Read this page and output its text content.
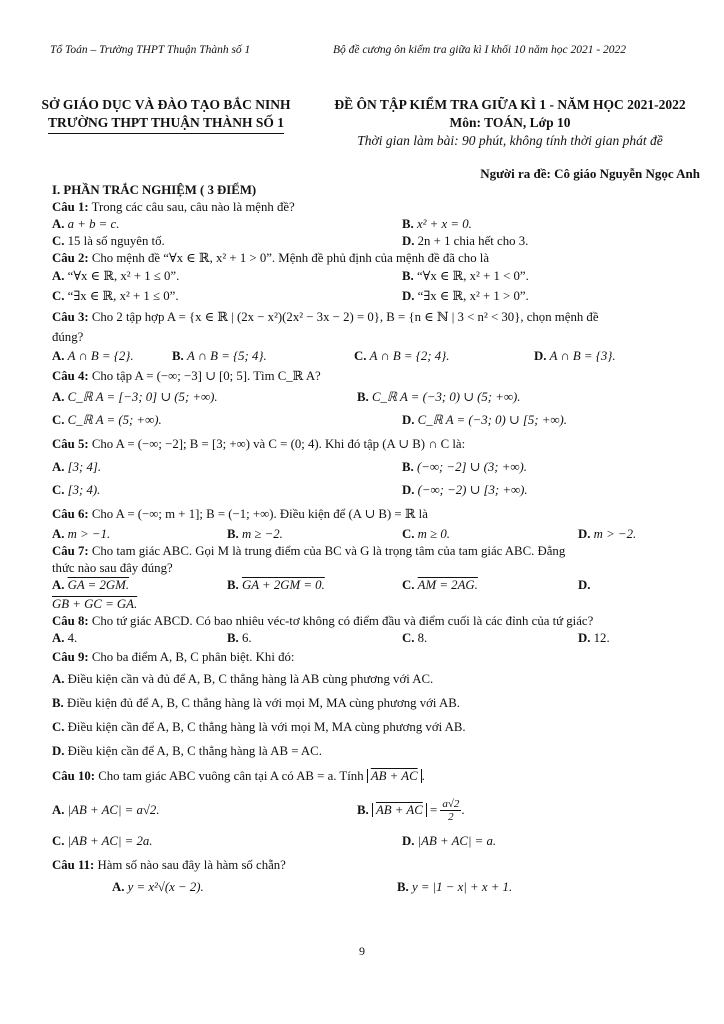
Tổ Toán – Trường THPT Thuận Thành số 1	Bộ đề cương ôn kiểm tra giữa kì I khối 10 năm học 2021 - 2022
SỞ GIÁO DỤC VÀ ĐÀO TẠO BẮC NINH
TRƯỜNG THPT THUẬN THÀNH SỐ 1
ĐỀ ÔN TẬP KIỂM TRA GIỮA KÌ 1 - NĂM HỌC 2021-2022
Môn: TOÁN, Lớp 10
Thời gian làm bài: 90 phút, không tính thời gian phát đề
Người ra đề: Cô giáo Nguyễn Ngọc Anh
I. PHẦN TRẮC NGHIỆM ( 3 ĐIỂM)
Câu 1: Trong các câu sau, câu nào là mệnh đề?
A. a + b = c.	B. x² + x = 0.
C. 15 là số nguyên tố.	D. 2n + 1 chia hết cho 3.
Câu 2: Cho mệnh đề “∀x ∈ ℝ, x² + 1 > 0”. Mệnh đề phủ định của mệnh đề đã cho là
A. “∀x ∈ ℝ, x² + 1 ≤ 0”.	B. “∀x ∈ ℝ, x² + 1 < 0”.
C. “∃x ∈ ℝ, x² + 1 ≤ 0”.	D. “∃x ∈ ℝ, x² + 1 > 0”.
Câu 3: Cho 2 tập hợp A = {x ∈ ℝ | (2x − x²)(2x² − 3x − 2) = 0}, B = {n ∈ ℕ | 3 < n² < 30}, chọn mệnh đề
đúng?
A. A ∩ B = {2}.	B. A ∩ B = {5; 4}.	C. A ∩ B = {2; 4}.	D. A ∩ B = {3}.
Câu 4: Cho tập A = (−∞; −3] ∪ [0; 5]. Tìm C_ℝ A?
A. C_ℝ A = [−3; 0] ∪ (5; +∞).	B. C_ℝ A = (−3; 0) ∪ (5; +∞).
C. C_ℝ A = (5; +∞).	D. C_ℝ A = (−3; 0) ∪ [5; +∞).
Câu 5: Cho A = (−∞; −2]; B = [3; +∞) và C = (0; 4). Khi đó tập (A ∪ B) ∩ C là:
A. [3; 4].	B. (−∞; −2] ∪ (3; +∞).
C. [3; 4).	D. (−∞; −2) ∪ [3; +∞).
Câu 6: Cho A = (−∞; m + 1]; B = (−1; +∞). Điều kiện để (A ∪ B) = ℝ là
A. m > −1.	B. m ≥ −2.	C. m ≥ 0.	D. m > −2.
Câu 7: Cho tam giác ABC. Gọi M là trung điểm của BC và G là trọng tâm của tam giác ABC. Đẳng
thức nào sau đây đúng?
A. GA = 2GM.	B. GA + 2GM = 0.	C. AM = 2AG.	D.
GB + GC = GA.
Câu 8: Cho tứ giác ABCD. Có bao nhiêu véc-tơ không có điểm đầu và điểm cuối là các đỉnh của tứ giác?
A. 4.	B. 6.	C. 8.	D. 12.
Câu 9: Cho ba điểm A, B, C phân biệt. Khi đó:
A. Điều kiện cần và đủ để A, B, C thẳng hàng là AB cùng phương với AC.
B. Điều kiện đủ để A, B, C thẳng hàng là với mọi M, MA cùng phương với AB.
C. Điều kiện cần để A, B, C thẳng hàng là với mọi M, MA cùng phương với AB.
D. Điều kiện cần để A, B, C thẳng hàng là AB = AC.
Câu 10: Cho tam giác ABC vuông cân tại A có AB = a. Tính AB + AC .
A. |AB + AC| = a√2.	B. AB + AC = $\frac{a√2}{2}$ .
C. |AB + AC| = 2a.	D. |AB + AC| = a.
Câu 11: Hàm số nào sau đây là hàm số chẵn?
A. y = x²√(x − 2).	B. y = |1 − x| + x + 1.
9
